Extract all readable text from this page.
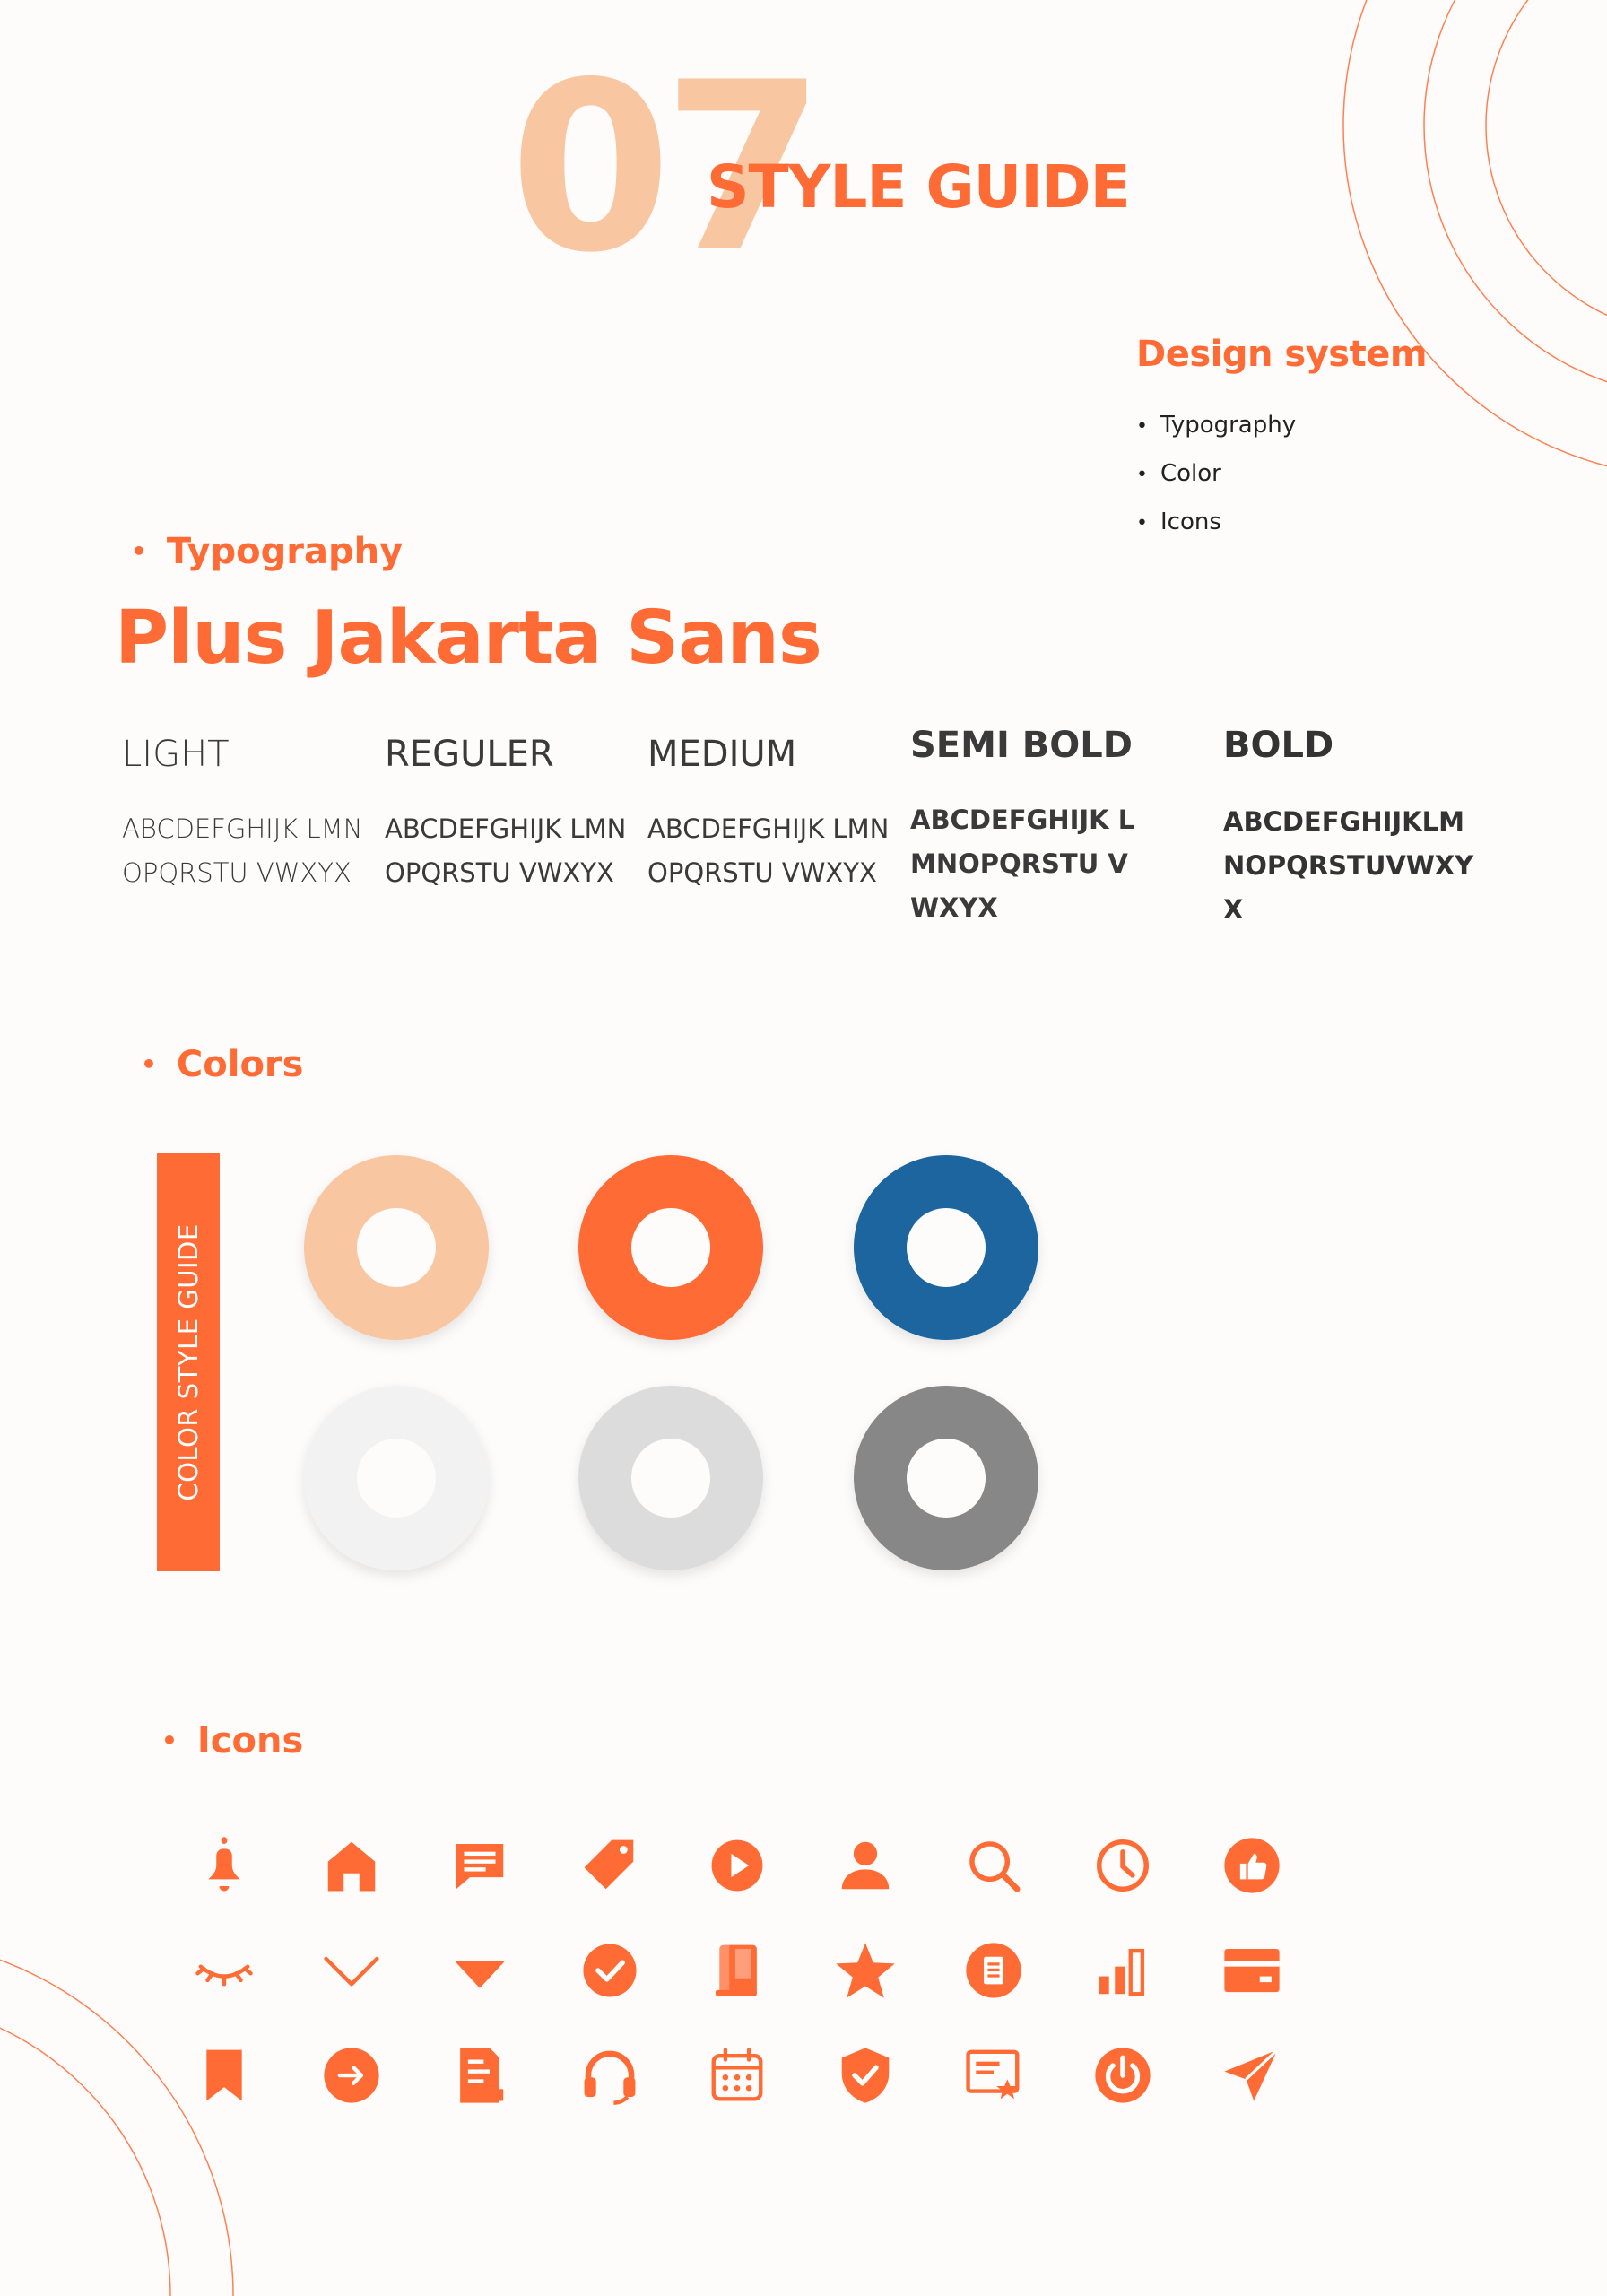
07
STYLE GUIDE
Design system
• Typography
• Color
• Icons
• Typography
Plus Jakarta Sans
LIGHT
ABCDEFGHIJK LMNOPQRSTU VWXYX
REGULER
ABCDEFGHIJK LMNOPQRSTU VWXYX
MEDIUM
ABCDEFGHIJK LMNOPQRSTU VWXYX
SEMI BOLD
ABCDEFGHIJK LMNOPQRSTU VWXYX
BOLD
ABCDEFGHIJKLM NOPQRSTUVWXY X
• Colors
COLOR STYLE GUIDE
• Icons
